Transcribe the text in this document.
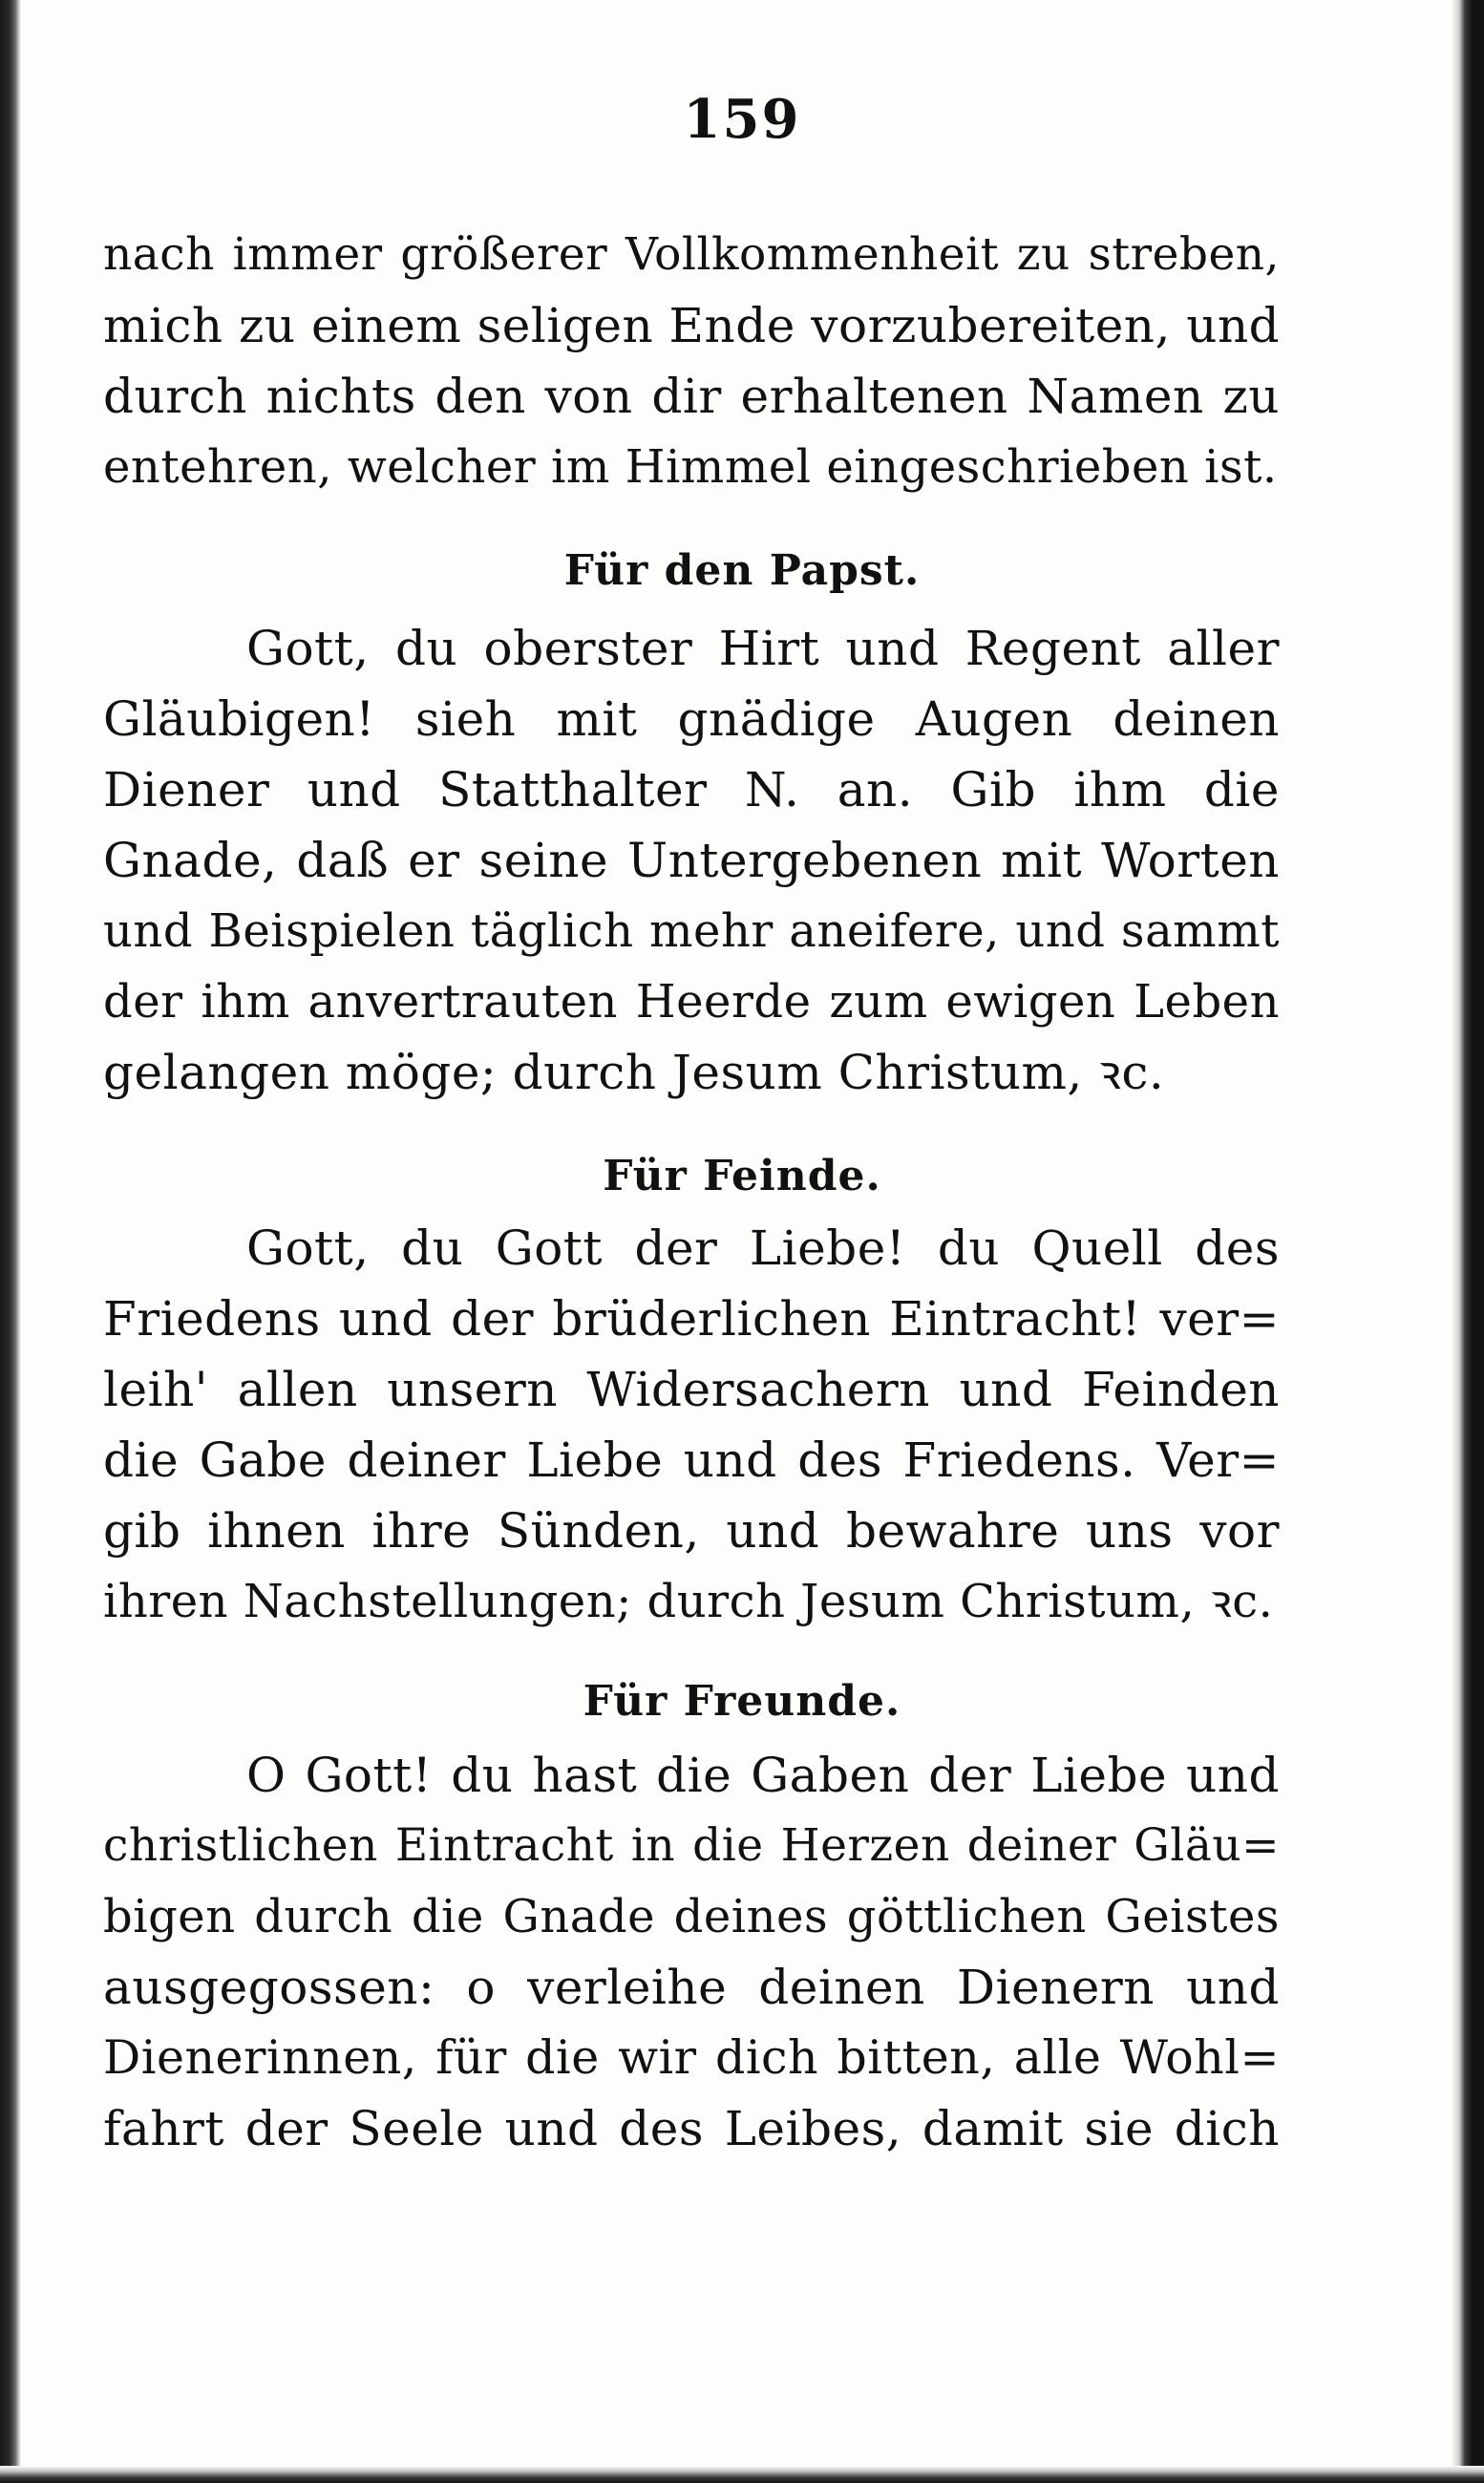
159
nach immer größerer Vollkommenheit zu streben,
mich zu einem seligen Ende vorzubereiten, und
durch nichts den von dir erhaltenen Namen zu
entehren, welcher im Himmel eingeschrieben ist.
Für den Papst.
Gott, du oberster Hirt und Regent aller
Gläubigen! sieh mit gnädige Augen deinen
Diener und Statthalter N. an. Gib ihm die
Gnade, daß er seine Untergebenen mit Worten
und Beispielen täglich mehr aneifere, und sammt
der ihm anvertrauten Heerde zum ewigen Leben
gelangen möge; durch Jesum Christum, ꝛc.
Für Feinde.
Gott, du Gott der Liebe! du Quell des
Friedens und der brüderlichen Eintracht! ver=
leih' allen unsern Widersachern und Feinden
die Gabe deiner Liebe und des Friedens. Ver=
gib ihnen ihre Sünden, und bewahre uns vor
ihren Nachstellungen; durch Jesum Christum, ꝛc.
Für Freunde.
O Gott! du hast die Gaben der Liebe und
christlichen Eintracht in die Herzen deiner Gläu=
bigen durch die Gnade deines göttlichen Geistes
ausgegossen: o verleihe deinen Dienern und
Dienerinnen, für die wir dich bitten, alle Wohl=
fahrt der Seele und des Leibes, damit sie dich
